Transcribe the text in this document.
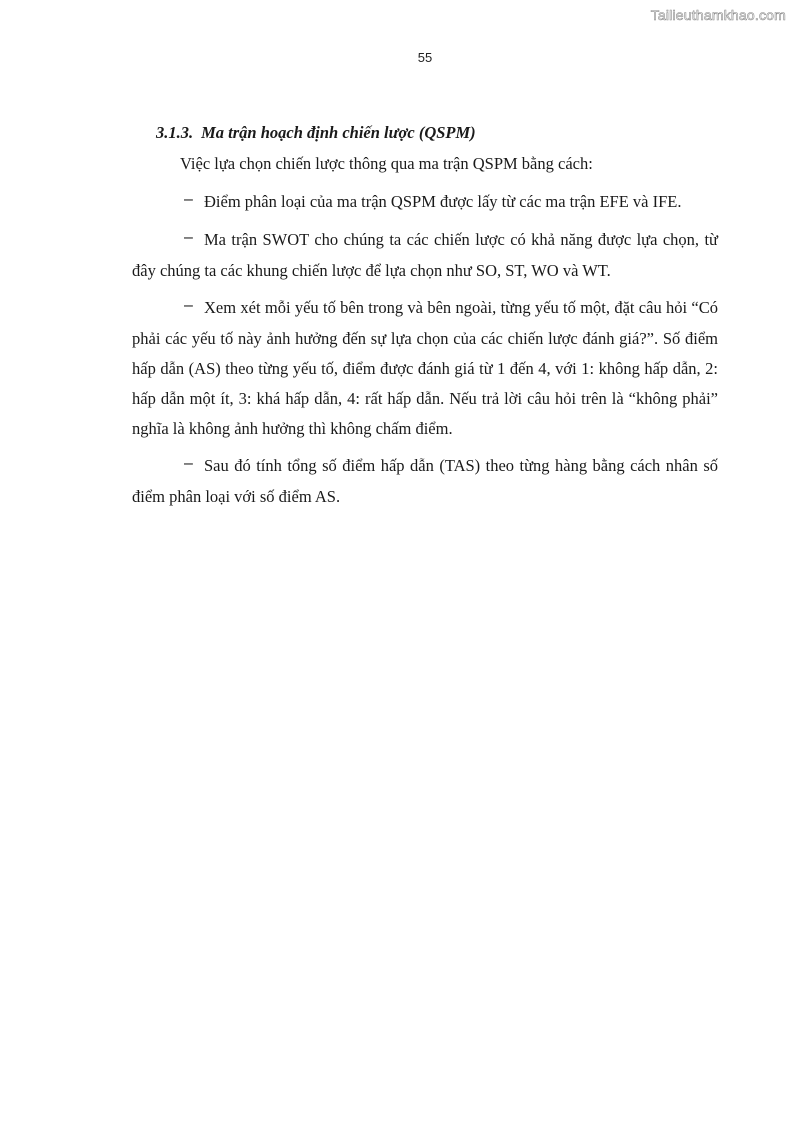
Tailieuthamkhao.com
55
3.1.3. Ma trận hoạch định chiến lược (QSPM)

Việc lựa chọn chiến lược thông qua ma trận QSPM bằng cách:

– Điểm phân loại của ma trận QSPM được lấy từ các ma trận EFE và IFE.

– Ma trận SWOT cho chúng ta các chiến lược có khả năng được lựa chọn, từ đây chúng ta các khung chiến lược để lựa chọn như SO, ST, WO và WT.

– Xem xét mỗi yếu tố bên trong và bên ngoài, từng yếu tố một, đặt câu hỏi “Có phải các yếu tố này ảnh hưởng đến sự lựa chọn của các chiến lược đánh giá?”. Số điểm hấp dẫn (AS) theo từng yếu tố, điểm được đánh giá từ 1 đến 4, với 1: không hấp dẫn, 2: hấp dẫn một ít, 3: khá hấp dẫn, 4: rất hấp dẫn. Nếu trả lời câu hỏi trên là “không phải” nghĩa là không ảnh hưởng thì không chấm điểm.

– Sau đó tính tổng số điểm hấp dẫn (TAS) theo từng hàng bằng cách nhân số điểm phân loại với số điểm AS.
